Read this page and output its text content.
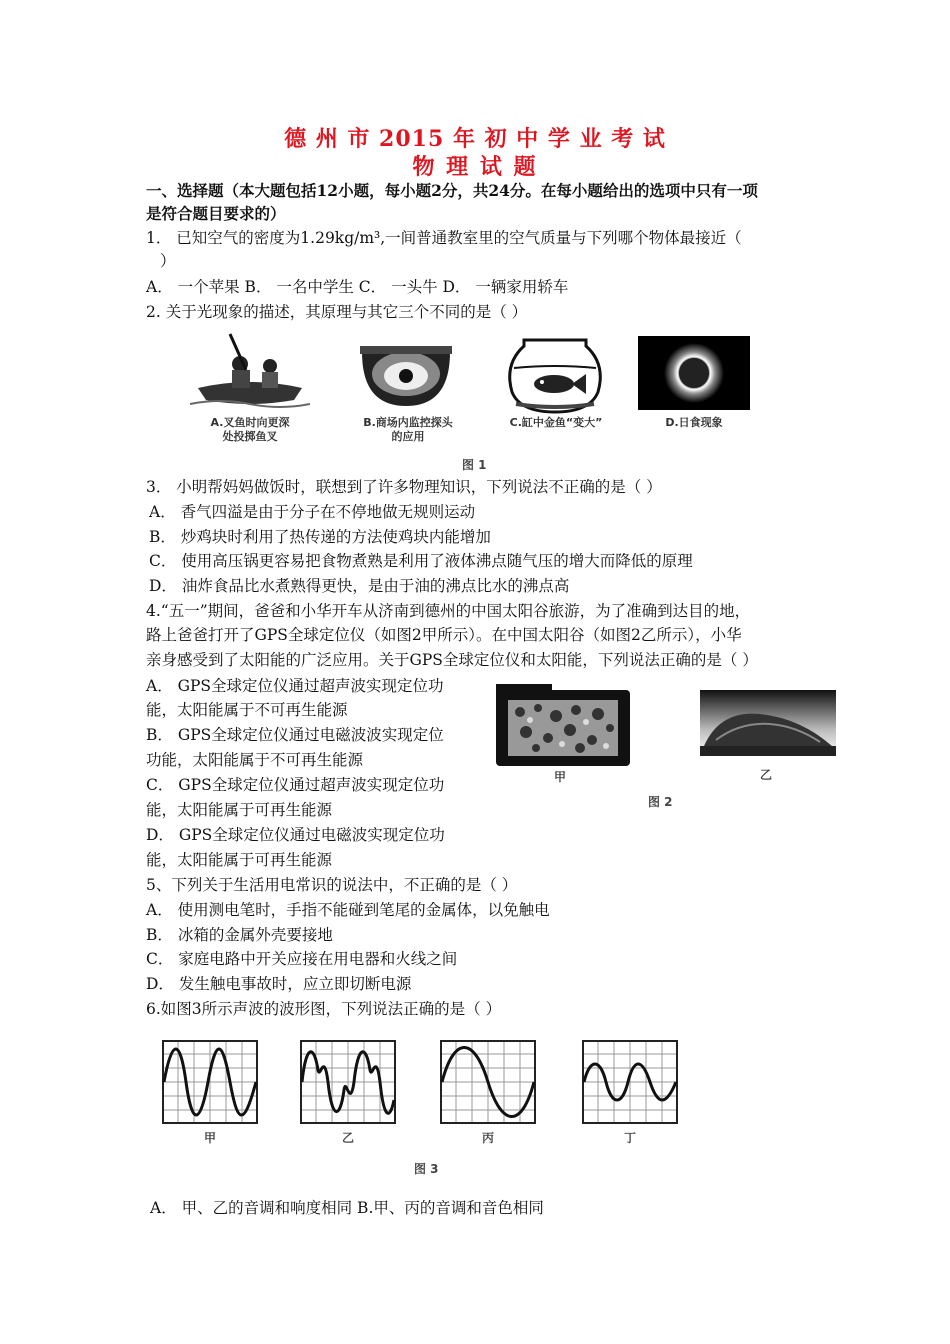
德 州 市 2015 年 初 中 学 业 考 试
物 理 试 题
一、选择题（本大题包括12小题，每小题2分，共24分。在每小题给出的选项中只有一项
是符合题目要求的）
1． 已知空气的密度为1.29kg/m³,一间普通教室里的空气质量与下列哪个物体最接近（
）
A． 一个苹果 B． 一名中学生 C． 一头牛 D． 一辆家用轿车
2. 关于光现象的描述，其原理与其它三个不同的是（ ）
A.叉鱼时向更深
处投掷鱼叉
B.商场内监控探头
的应用
C.缸中金鱼“变大”	D.日食现象
图 1
3． 小明帮妈妈做饭时，联想到了许多物理知识，下列说法不正确的是（ ）
A． 香气四溢是由于分子在不停地做无规则运动
B． 炒鸡块时利用了热传递的方法使鸡块内能增加
C． 使用高压锅更容易把食物煮熟是利用了液体沸点随气压的增大而降低的原理
D． 油炸食品比水煮熟得更快，是由于油的沸点比水的沸点高
4.“五一”期间，爸爸和小华开车从济南到德州的中国太阳谷旅游，为了准确到达目的地，
路上爸爸打开了GPS全球定位仪（如图2甲所示）。在中国太阳谷（如图2乙所示），小华
亲身感受到了太阳能的广泛应用。关于GPS全球定位仪和太阳能，下列说法正确的是（ ）
A． GPS全球定位仪通过超声波实现定位功
能，太阳能属于不可再生能源
B． GPS全球定位仪通过电磁波波实现定位
功能，太阳能属于不可再生能源
C． GPS全球定位仪通过超声波实现定位功
能，太阳能属于可再生能源
D． GPS全球定位仪通过电磁波实现定位功
能，太阳能属于可再生能源
甲	乙
图 2
5、下列关于生活用电常识的说法中，不正确的是（ ）
A． 使用测电笔时，手指不能碰到笔尾的金属体，以免触电
B． 冰箱的金属外壳要接地
C． 家庭电路中开关应接在用电器和火线之间
D． 发生触电事故时，应立即切断电源
6.如图3所示声波的波形图，下列说法正确的是（ ）
甲	乙	丙	丁
图 3
A． 甲、乙的音调和响度相同 B.甲、丙的音调和音色相同
